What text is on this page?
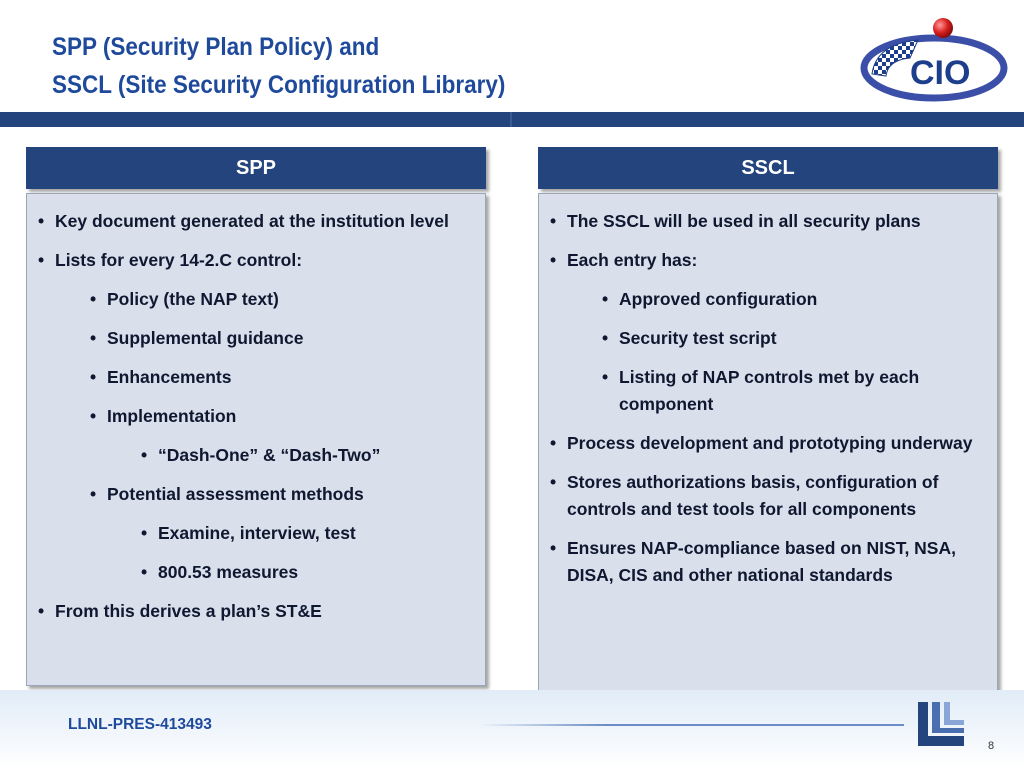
SPP (Security Plan Policy) and
SSCL (Site Security Configuration Library)	CIO
SPP
• Key document generated at the institution level
• Lists for every 14-2.C control:
• Policy (the NAP text)
• Supplemental guidance
• Enhancements
• Implementation
• “Dash-One” & “Dash-Two”
• Potential assessment methods
• Examine, interview, test
• 800.53 measures
• From this derives a plan’s ST&E
SSCL
• The SSCL will be used in all security plans
• Each entry has:
• Approved configuration
• Security test script
• Listing of NAP controls met by each component
• Process development and prototyping underway
• Stores authorizations basis, configuration of controls and test tools for all components
• Ensures NAP-compliance based on NIST, NSA, DISA, CIS and other national standards
LLNL-PRES-413493
8
